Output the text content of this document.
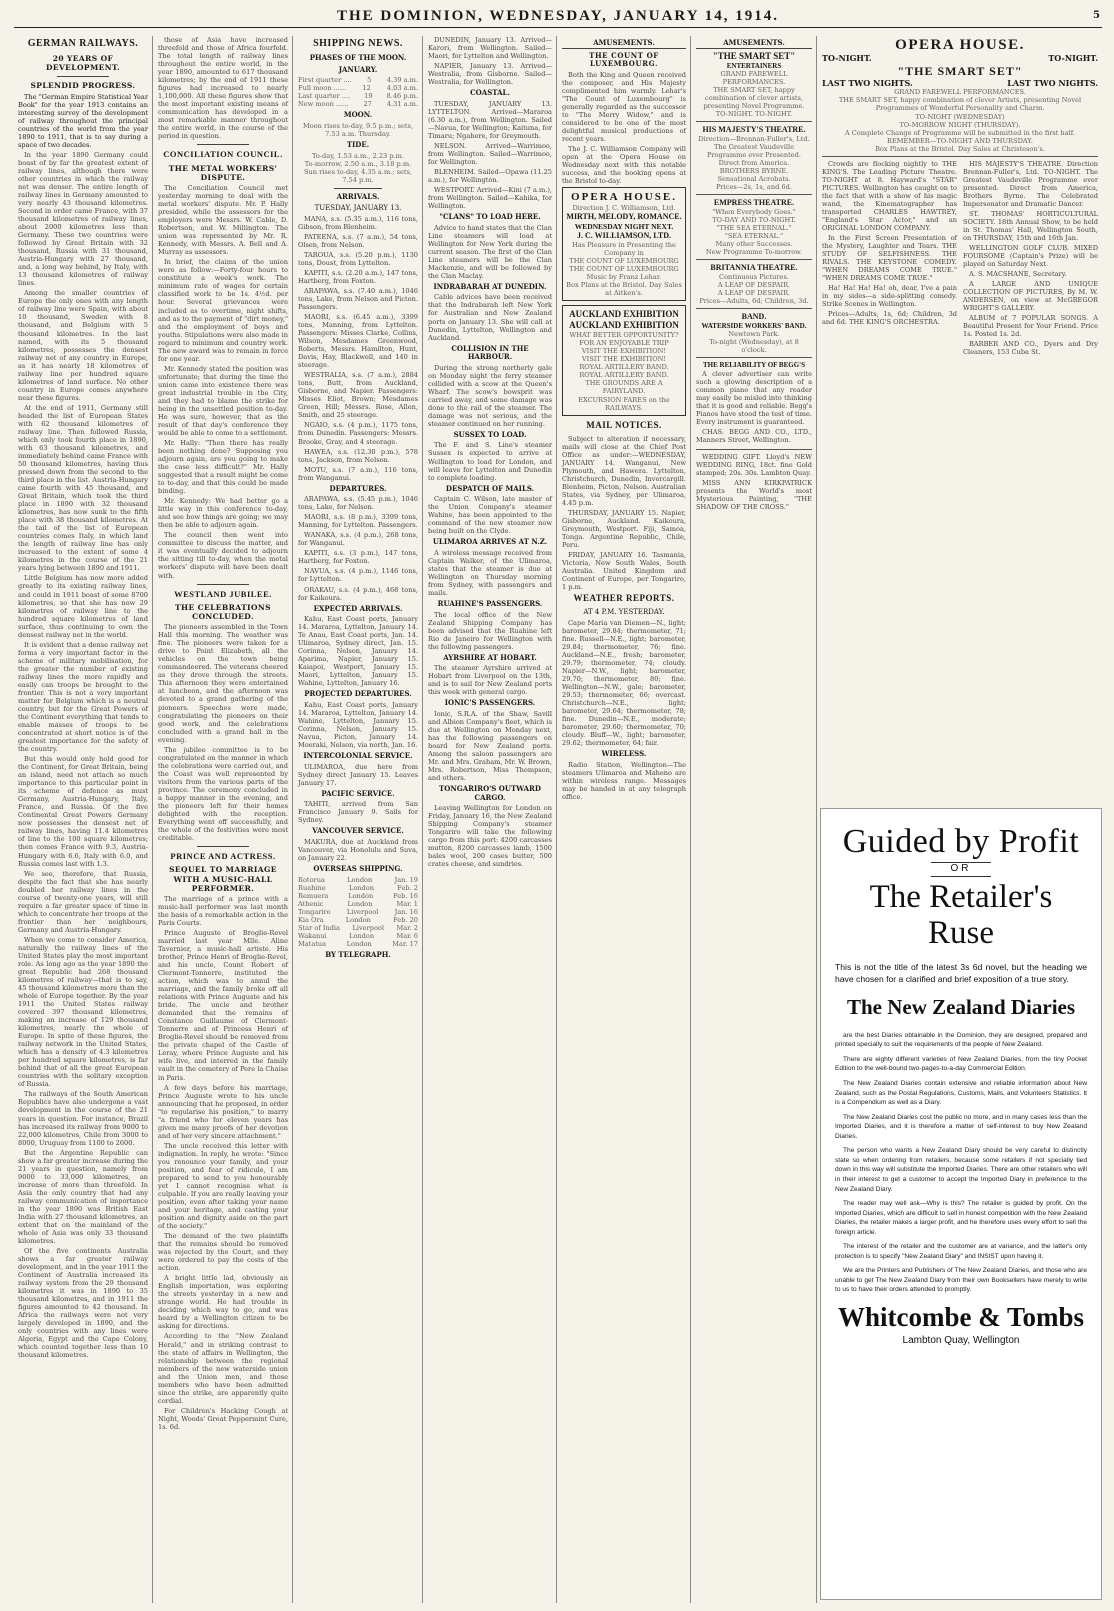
THE DOMINION, WEDNESDAY, JANUARY 14, 1914.	5
GERMAN RAILWAYS.
20 YEARS OF DEVELOPMENT.
SPLENDID PROGRESS.

The "German Empire Statistical Year Book" for the year 1913 contains an interesting survey of the development of railway throughout the principal countries of the world from the year 1890 to 1911, that is to say during a space of two decades.

In the year 1890 Germany could boast of by far the greatest extent of railway lines, although there were other countries in which the railway net was denser. The entire length of railway lines in Germany amounted to very nearly 43 thousand kilometres. Second in order came France, with 37 thousand kilometres of railway lines, about 2000 kilometres less than Germany. These two countries were followed by Great Britain with 32 thousand, Russia with 31 thousand, Austria-Hungary with 27 thousand, and, a long way behind, by Italy, with 13 thousand kilometres of railway lines.

Among the smaller countries of Europe the only ones with any length of railway line were Spain, with about 10 thousand, Sweden with 8 thousand, and Belgium with 5 thousand kilometres. In the last named, with its 5 thousand kilometres, possesses the densest railway net of any country in Europe, as it has nearly 18 kilometres of railway line per hundred square kilometres of land surface. No other country in Europe comes anywhere near these figures.

At the end of 1911, Germany still headed the list of European States with 62 thousand kilometres of railway line. Then followed Russia, which only took fourth place in 1890, with 63 thousand kilometres, and immediately behind came France with 50 thousand kilometres, having thus pressed down from the second to the third place in the list. Austria-Hungary came fourth with 45 thousand, and Great Britain, which took the third place in 1890 with 32 thousand kilometres, has now sunk to the fifth place with 38 thousand kilometres. At the tail of the list of European countries comes Italy, in which land the length of railway line has only increased to the extent of some 4 kilometres in the course of the 21 years lying between 1890 and 1911.

Little Belgium has now more added greatly to its existing railway lines, and could in 1911 boast of some 8700 kilometres, so that she has now 29 kilometres of railway line to the hundred square kilometres of land surface, thus continuing to own the densest railway net in the world.

It is evident that a dense railway net forms a very important factor in the scheme of military mobilisation, for the greater the number of existing railway lines the more rapidly and easily can troops be brought to the frontier. This is not a very important matter for Belgium which is a neutral country, but for the Great Powers of the Continent everything that tends to enable masses of troops to be concentrated at short notice is of the greatest importance for the safety of the country.

But this would only hold good for the Continent, for Great Britain, being an island, need not attach so much importance to this particular point in its scheme of defence as must Germany, Austria-Hungary, Italy, France, and Russia. Of the five Continental Great Powers Germany now possesses the densest net of railway lines, having 11.4 kilometres of line to the 100 square kilometres; then comes France with 9.3, Austria-Hungary with 6.6, Italy with 6.0, and Russia comes last with 1.3.

We see, therefore, that Russia, despite the fact that she has nearly doubled her railway lines in the course of twenty-one years, will still require a far greater space of time in which to concentrate her troops at the frontier than her neighbours, Germany and Austria-Hungary.

When we come to consider America, naturally the railway lines of the United States play the most important role. As long ago as the year 1890 the great Republic had 268 thousand kilometres of railway—that is to say, 45 thousand kilometres more than the whole of Europe together. By the year 1911 the United States railway covered 397 thousand kilometres, making an increase of 129 thousand kilometres, nearly the whole of Europe. In spite of these figures, the railway network in the United States, which has a density of 4.3 kilometres per hundred square kilometres, is far behind that of all the great European countries with the solitary exception of Russia.

The railways of the South American Republics have also undergone a vast development in the course of the 21 years in question. For instance, Brazil has increased its railway from 9000 to 22,000 kilometres, Chile from 3000 to 8000, Uruguay from 1100 to 2600.

But the Argentine Republic can show a far greater increase during the 21 years in question, namely from 9000 to 33,000 kilometres, an increase of more than threefold. In Asia the only country that had any railway communication of importance in the year 1890 was British East India with 27 thousand kilometres, an extent that on the mainland of the whole of Asia was only 33 thousand kilometres.

Of the five continents Australia shows a far greater railway development, and in the year 1911 the Continent of Australia increased its railway system from the 29 thousand kilometres it was in 1890 to 35 thousand kilometres, and in 1911 the figures amounted to 42 thousand. In Africa the railways were not very largely developed in 1890, and the only countries with any lines were Algeria, Egypt and the Cape Colony, which counted together less than 10 thousand kilometres.

those of Asia have increased threefold and those of Africa fourfold. The total length of railway lines throughout the entire world, in the year 1890, amounted to 617 thousand kilometres; by the end of 1911 these figures had increased to nearly 1,100,000. All these figures show that the most important existing means of communication has developed in a most remarkable manner throughout the entire world, in the course of the period in question.

CONCILIATION COUNCIL.
THE METAL WORKERS' DISPUTE.

The Conciliation Council met yesterday morning to deal with the metal workers' dispute. Mr. P. Hally presided, while the assessors for the employers were Messrs. W. Cable, D. Robertson, and W. Millington. The union was represented by Mr. R. Kennedy, with Messrs. A. Bell and A. Murray as assessors.

In brief, the claims of the union were as follow:—Forty-four hours to constitute a week's work. The minimum rate of wages for certain classified work to be 1s. 4½d. per hour. Several grievances were included as to overtime, night shifts, and as to the payment of "dirt money," and the employment of boys and youths. Stipulations were also made in regard to minimum and country work. The new award was to remain in force for one year.

Mr. Kennedy stated the position was unfortunate; that during the time the union came into existence there was great industrial trouble in the City, and they had to blame the strike for being in the unsettled position to-day. He was sure, however, that as the result of that day's conference they would be able to come to a settlement.

Mr. Hally: "Then there has really been nothing done? Supposing you adjourn again, are you going to make the case less difficult?" Mr. Hally suggested that a result might be come to to-day, and that this could be made binding.

Mr. Kennedy: We had better go a little way in this conference to-day, and see how things are going; we may then be able to adjourn again.

The council then went into committee to discuss the matter, and it was eventually decided to adjourn the sitting till to-day, when the metal workers' dispute will have been dealt with.

WESTLAND JUBILEE.
THE CELEBRATIONS CONCLUDED.

The pioneers assembled in the Town Hall this morning. The weather was fine. The pioneers were taken for a drive to Point Elizabeth, all the vehicles on the town being commandeered. The veterans cheered as they drove through the streets. This afternoon they were entertained at luncheon, and the afternoon was devoted to a grand gathering of the pioneers. Speeches were made, congratulating the pioneers on their good work, and the celebrations concluded with a grand ball in the evening.

The jubilee committee is to be congratulated on the manner in which the celebrations were carried out, and the Coast was well represented by visitors from the various parts of the province. The ceremony concluded in a happy manner in the evening, and the pioneers left for their homes delighted with the reception. Everything went off successfully, and the whole of the festivities were most creditable.

PRINCE AND ACTRESS.
SEQUEL TO MARRIAGE WITH A MUSIC-HALL PERFORMER.

The marriage of a prince with a music-hall performer was last month the basis of a remarkable action in the Paris Courts.

Prince Auguste of Broglie-Revel married last year Mlle. Aline Tavernier, a music-hall artiste. His brother, Prince Henri of Broglie-Revel, and his uncle, Count Robert of Clermont-Tonnerre, instituted the action, which was to annul the marriage, and the family broke off all relations with Prince Auguste and his bride. The uncle and brother demanded that the remains of Constance Guillaume of Clermont-Tonnerre and of Princess Henri of Broglie-Revel should be removed from the private chapel of the Castle of Leray, where Prince Auguste and his wife live, and interred in the family vault in the cemetery of Pere la Chaise in Paris.

A few days before his marriage, Prince Auguste wrote to his uncle announcing that he proposed, in order "to regularise his position," to marry "a friend who for eleven years has given me many proofs of her devotion and of her very sincere attachment."

The uncle received this letter with indignation. In reply, he wrote: "Since you renounce your family, and your position, and fear of ridicule, I am prepared to send to you honourably yet I cannot recognise what is culpable. If you are really leaving your position, even after taking your name and your heritage, and casting your position and dignity aside on the part of the society."

The demand of the two plaintiffs that the remains should be removed was rejected by the Court, and they were ordered to pay the costs of the action.

A bright little lad, obviously an English importation, was exploring the streets yesterday in a new and strange world. He had trouble in deciding which way to go, and was heard by a Wellington citizen to be asking for directions.

According to the "New Zealand Herald," and in striking contrast to the state of affairs in Wellington, the relationship between the regional members of the new waterside union and the Union men, and those members who have been admitted since the strike, are apparently quite cordial.

For Children's Hacking Cough at Night, Woods' Great Peppermint Cure, 1s. 6d.

SHIPPING NEWS.
PHASES OF THE MOON.
JANUARY.
First quarter .... 5 4.39 a.m.
Full moon ...... 12 4.03 a.m.
Last quarter .... 19 8.46 p.m.
New moon ...... 27 4.31 a.m.
MOON.
Moon rises to-day, 9.5 p.m.; sets, 7.53 a.m. Thursday.
TIDE.
To-day, 1.53 a.m., 2.23 p.m.
To-morrow, 2.50 a.m., 3.18 p.m.
Sun rises to-day, 4.35 a.m.; sets, 7.54 p.m.
ARRIVALS.
TUESDAY, JANUARY 13.

MANA, s.s. (5.35 a.m.), 116 tons, Gibson, from Blenheim.

PATEENA, s.s. (7 a.m.), 54 tons, Olsen, from Nelson.

TAROUA, s.s. (5.20 p.m.), 1130 tons, Doust, from Lyttelton.

KAPITI, s.s. (2.20 a.m.), 147 tons, Hartberg, from Foxton.

ARAPAWA, s.s. (7.40 a.m.), 1046 tons, Lake, from Nelson and Picton. Passengers.

MAORI, s.s. (6.45 a.m.), 3399 tons, Manning, from Lyttelton. Passengers: Misses Clarke, Collins, Wilson, Mesdames Greenwood, Roberts, Messrs. Hamilton, Hunt, Davis, Hay, Blackwell, and 140 in steerage.

WESTRALIA, s.s. (7 a.m.), 2884 tons, Butt, from Auckland, Gisborne, and Napier. Passengers: Misses Eliot, Brown; Mesdames Green, Hill; Messrs. Rose, Allen, Smith, and 25 steerage.

NGAIO, s.s. (4 p.m.), 1175 tons, from Dunedin. Passengers: Messrs. Brooke, Gray, and 4 steerage.

HAWEA, s.s. (12.30 p.m.), 578 tons, Jackson, from Nelson.

MOTU, s.s. (7 a.m.), 116 tons, from Wanganui.

DEPARTURES.

ARAPAWA, s.s. (5.45 p.m.), 1046 tons, Lake, for Nelson.

MAORI, s.s. (8 p.m.), 3399 tons, Manning, for Lyttelton. Passengers.

WANAKA, s.s. (4 p.m.), 268 tons, for Wanganui.

KAPITI, s.s. (3 p.m.), 147 tons, Hartberg, for Foxton.

NAVUA, s.s. (4 p.m.), 1146 tons, for Lyttelton.

ORAKAU, s.s. (4 p.m.), 468 tons, for Kaikoura.

EXPECTED ARRIVALS.

Kahu, East Coast ports, January 14. Mararoa, Lyttelton, January 14. Te Anau, East Coast ports, Jan. 14. Ulimaroa, Sydney direct, Jan. 15. Corinna, Nelson, January 14. Aparima, Napier, January 15. Kaiapoi, Westport, January 15. Maori, Lyttelton, January 15. Wahine, Lyttelton, January 16.

PROJECTED DEPARTURES.

Kahu, East Coast ports, January 14. Mararoa, Lyttelton, January 14. Wahine, Lyttelton, January 15. Corinna, Nelson, January 15. Navua, Picton, January 14. Moeraki, Nelson, via north, Jan. 16.

INTERCOLONIAL SERVICE.

ULIMAROA, due here from Sydney direct January 15. Leaves January 17.

PACIFIC SERVICE.

TAHITI, arrived from San Francisco January 9. Sails for Sydney.

VANCOUVER SERVICE.

MAKURA, due at Auckland from Vancouver, via Honolulu and Suva, on January 22.

OVERSEAS SHIPPING.
Rotorua	London	Jan. 19
Ruahine	London	Feb. 2
Remuera	London	Feb. 16
Athenic	London	Mar. 1
Tongariro Liverpool Jan. 16
Kia Ora	London	Feb. 20
Star of India Liverpool Mar. 2
Wakanui	London	Mar. 6
Matatua	London	Mar. 17
BY TELEGRAPH.

DUNEDIN, January 13. Arrived—Karori, from Wellington. Sailed—Maori, for Lyttelton and Wellington.

NAPIER, January 13. Arrived—Westralia, from Gisborne. Sailed—Westralia, for Wellington.

COASTAL.

TUESDAY, JANUARY 13. LYTTELTON. Arrived—Mararoa (6.30 a.m.), from Wellington. Sailed—Navua, for Wellington; Kaituna, for Timaru; Ngahere, for Greymouth.

NELSON. Arrived—Warrimoo, from Wellington. Sailed—Warrimoo, for Wellington.

BLENHEIM. Sailed—Opawa (11.25 a.m.), for Wellington.

WESTPORT. Arrived—Kini (7 a.m.), from Wellington. Sailed—Kahika, for Wellington.

"CLANS" TO LOAD HERE.

Advice to hand states that the Clan Line steamers will load at Wellington for New York during the current season. The first of the Clan Line steamers will be the Clan Mackenzie, and will be followed by the Clan Maclay.

INDRABARAH AT DUNEDIN.

Cable advices have been received that the Indrabarah left New York for Australian and New Zealand ports on January 13. She will call at Dunedin, Lyttelton, Wellington and Auckland.

COLLISION IN THE HARBOUR.

During the strong northerly gale on Monday night the ferry steamer collided with a scow at the Queen's Wharf. The scow's bowsprit was carried away, and some damage was done to the rail of the steamer. The damage was not serious, and the steamer continued on her running.

SUSSEX TO LOAD.

The F. and S. Line's steamer Sussex is expected to arrive at Wellington to load for London, and will leave for Lyttelton and Dunedin to complete loading.

DESPATCH OF MAILS.

Captain C. Wilson, late master of the Union Company's steamer Wahine, has been appointed to the command of the new steamer now being built on the Clyde.

ULIMAROA ARRIVES AT N.Z.

A wireless message received from Captain Walker, of the Ulimaroa, states that the steamer is due at Wellington on Thursday morning from Sydney, with passengers and mails.

RUAHINE'S PASSENGERS.

The local office of the New Zealand Shipping Company has been advised that the Ruahine left Rio de Janeiro for Wellington with the following passengers.

AYRSHIRE AT HOBART.

The steamer Ayrshire arrived at Hobart from Liverpool on the 13th, and is to sail for New Zealand ports this week with general cargo.

IONIC'S PASSENGERS.

Ionic, S.R.A. of the Shaw, Savill and Albion Company's fleet, which is due at Wellington on Monday next, has the following passengers on board for New Zealand ports. Among the saloon passengers are Mr. and Mrs. Graham, Mr. W. Brown, Mrs. Robertson, Miss Thompson, and others.

TONGARIRO'S OUTWARD CARGO.

Leaving Wellington for London on Friday, January 16, the New Zealand Shipping Company's steamer Tongariro will take the following cargo from this port: 4200 carcasses mutton, 8200 carcasses lamb, 1500 bales wool, 200 cases butter, 500 crates cheese, and sundries.

AMUSEMENTS.
THE COUNT OF LUXEMBOURG.

Both the King and Queen received the composer, and His Majesty complimented him warmly. Lehar's "The Count of Luxembourg" is generally regarded as the successor to "The Merry Widow," and is considered to be one of the most delightful musical productions of recent years.

The J. C. Williamson Company will open at the Opera House on Wednesday next with this notable success, and the booking opens at the Bristol to-day.

OPERA HOUSE.
Direction J. C. Williamson, Ltd.
MIRTH, MELODY, ROMANCE.
WEDNESDAY NIGHT NEXT.
J. C. WILLIAMSON, LTD.
Has Pleasure in Presenting the Company in
THE COUNT OF LUXEMBOURG
THE COUNT OF LUXEMBOURG
Music by Franz Lehar.
Box Plans at the Bristol. Day Sales at Aitken's.
AUCKLAND EXHIBITION
AUCKLAND EXHIBITION
WHAT BETTER OPPORTUNITY?
FOR AN ENJOYABLE TRIP
VISIT THE EXHIBITION!
VISIT THE EXHIBITION!
ROYAL ARTILLERY BAND.
ROYAL ARTILLERY BAND.
THE GROUNDS ARE A FAIRYLAND.
EXCURSION FARES on the RAILWAYS.
MAIL NOTICES.

Subject to alteration if necessary, mails will close at the Chief Post Office as under:—WEDNESDAY, JANUARY 14. Wanganui, New Plymouth, and Hawera. Lyttelton, Christchurch, Dunedin, Invercargill. Blenheim, Picton, Nelson. Australian States, via Sydney, per Ulimaroa, 4.45 p.m.

THURSDAY, JANUARY 15. Napier, Gisborne, Auckland. Kaikoura, Greymouth, Westport. Fiji, Samoa, Tonga. Argentine Republic, Chile, Peru.

FRIDAY, JANUARY 16. Tasmania, Victoria, New South Wales, South Australia. United Kingdom and Continent of Europe, per Tongariro, 1 p.m.

WEATHER REPORTS.
AT 4 P.M. YESTERDAY.

Cape Maria van Diemen—N., light; barometer, 29.84; thermometer, 71; fine. Russell—N.E., light; barometer, 29.84; thermometer, 76; fine. Auckland—N.E., fresh; barometer, 29.79; thermometer, 74; cloudy. Napier—N.W., light; barometer, 29.70; thermometer, 80; fine. Wellington—N.W., gale; barometer, 29.53; thermometer, 66; overcast. Christchurch—N.E., light; barometer, 29.64; thermometer, 78; fine. Dunedin—N.E., moderate; barometer, 29.60; thermometer, 70; cloudy. Bluff—W., light; barometer, 29.62; thermometer, 64; fair.

WIRELESS.

Radio Station, Wellington—The steamers Ulimaroa and Maheno are within wireless range. Messages may be handed in at any telegraph office.

AMUSEMENTS.
"THE SMART SET"
ENTERTAINERS
GRAND FAREWELL PERFORMANCES.
THE SMART SET, happy combination of clever artists, presenting Novel Programme.
TO-NIGHT. TO-NIGHT.
HIS MAJESTY'S THEATRE.
Direction—Brennan-Fuller's, Ltd.
The Greatest Vaudeville Programme ever Presented.
Direct from America.
BROTHERS BYRNE.
Sensational Acrobats.
Prices—2s, 1s, and 6d.
EMPRESS THEATRE.
"When Everybody Goes."
TO-DAY AND TO-NIGHT.
"THE SEA ETERNAL."
"SEA ETERNAL."
Many other Successes.
New Programme To-morrow.
BRITANNIA THEATRE.
Continuous Pictures.
A LEAP OF DESPAIR.
A LEAP OF DESPAIR.
Prices—Adults, 6d; Children, 3d.
BAND.
WATERSIDE WORKERS' BAND.
Newtown Park.
To-night (Wednesday), at 8 o'clock.
THE RELIABILITY OF BEGG'S

A clever advertiser can write such a glowing description of a common piano that any reader may easily be misled into thinking that it is good and reliable. Begg's Pianos have stood the test of time. Every instrument is guaranteed.

CHAS. BEGG AND CO., LTD., Manners Street, Wellington.

WEDDING GIFT. Lloyd's NEW WEDDING RING, 18ct. fine Gold stamped; 20s. 30s. Lambton Quay.

MISS ANN KIRKPATRICK presents the World's most Mysterious Painting, "THE SHADOW OF THE CROSS."

OPERA HOUSE.
TO-NIGHT.	TO-NIGHT.
"THE SMART SET"
LAST TWO NIGHTS.	LAST TWO NIGHTS.
GRAND FAREWELL PERFORMANCES.
THE SMART SET, happy combination of clever Artists, presenting Novel Programmes of Wonderful Personality and Charm.
TO-NIGHT (WEDNESDAY)
TO-MORROW NIGHT (THURSDAY).
A Complete Change of Programme will be submitted in the first half.
REMEMBER—TO-NIGHT AND THURSDAY.
Box Plans at the Bristol. Day Sales at Christeson's.

Crowds are flocking nightly to THE KING'S. The Leading Picture Theatre. TO-NIGHT at 8. Hayward's "STAR" PICTURES. Wellington has caught on to the fact that with a show of his magic wand, the Kinematographer has transported CHARLES HAWTREY, "England's Star Actor," and an ORIGINAL LONDON COMPANY.

In the First Screen Presentation of the Mystery, Laughter and Tears. THE STUDY OF SELFISHNESS. THE RIVALS. THE KEYSTONE COMEDY. "WHEN DREAMS COME TRUE." "WHEN DREAMS COME TRUE."

Ha! Ha! Ha! Ha! oh, dear, I've a pain in my sides—a side-splitting comedy. Strike Scenes in Wellington.

Prices—Adults, 1s, 6d; Children, 3d and 6d. THE KING'S ORCHESTRA.

HIS MAJESTY'S THEATRE. Direction Brennan-Fuller's, Ltd. TO-NIGHT. The Greatest Vaudeville Programme ever presented. Direct from America, Brothers Byrne. The Celebrated Impersonator and Dramatic Dancer.

ST. THOMAS' HORTICULTURAL SOCIETY. 18th Annual Show, to be held in St. Thomas' Hall, Wellington South, on THURSDAY, 15th and 16th Jan.

WELLINGTON GOLF CLUB. MIXED FOURSOME (Captain's Prize) will be played on Saturday Next.

A. S. MACSHANE, Secretary.

A LARGE AND UNIQUE COLLECTION OF PICTURES, By M. W. ANDERSEN, on view at McGREGOR WRIGHT'S GALLERY.

ALBUM of 7 POPULAR SONGS. A Beautiful Present for Your Friend. Price 1s. Posted 1s. 2d.

BARBER AND CO., Dyers and Dry Cleaners, 153 Cuba St.

Guided by Profit
OR
The Retailer's Ruse
This is not the title of the latest 3s 6d novel, but the heading we have chosen for a clarified and brief exposition of a true story.
The New Zealand Diaries

are the best Diaries obtainable in the Dominion, they are designed, prepared and printed specially to suit the requirements of the people of New Zealand.

There are eighty different varieties of New Zealand Diaries, from the tiny Pocket Edition to the well-bound two-pages-to-a-day Commercial Edition.

The New Zealand Diaries contain extensive and reliable information about New Zealand, such as the Postal Regulations, Customs, Mails, and Volunteers Statistics. It is a Compendium as well as a Diary.

The New Zealand Diaries cost the public no more, and in many cases less than the Imported Diaries, and it is therefore a matter of self-interest to buy New Zealand Diaries.

The person who wants a New Zealand Diary should be very careful to distinctly state so when ordering from retailers, because some retailers if not specially tied down in this way will substitute the Imported Diaries. There are other retailers who will in their interest to get a customer to accept the Imported Diary in preference to the New Zealand Diary.

The reader may well ask—Why is this? The retailer is guided by profit. On the Imported Diaries, which are difficult to sell in honest competition with the New Zealand Diaries, the retailer makes a larger profit, and he therefore uses every effort to sell the foreign article.

The interest of the retailer and the customer are at variance, and the latter's only protection is to specify "New Zealand Diary" and INSIST upon having it.

We are the Printers and Publishers of The New Zealand Diaries, and those who are unable to get The New Zealand Diary from their own Booksellers have merely to write to us to have their orders attended to promptly.

Whitcombe & Tombs
Lambton Quay, Wellington
